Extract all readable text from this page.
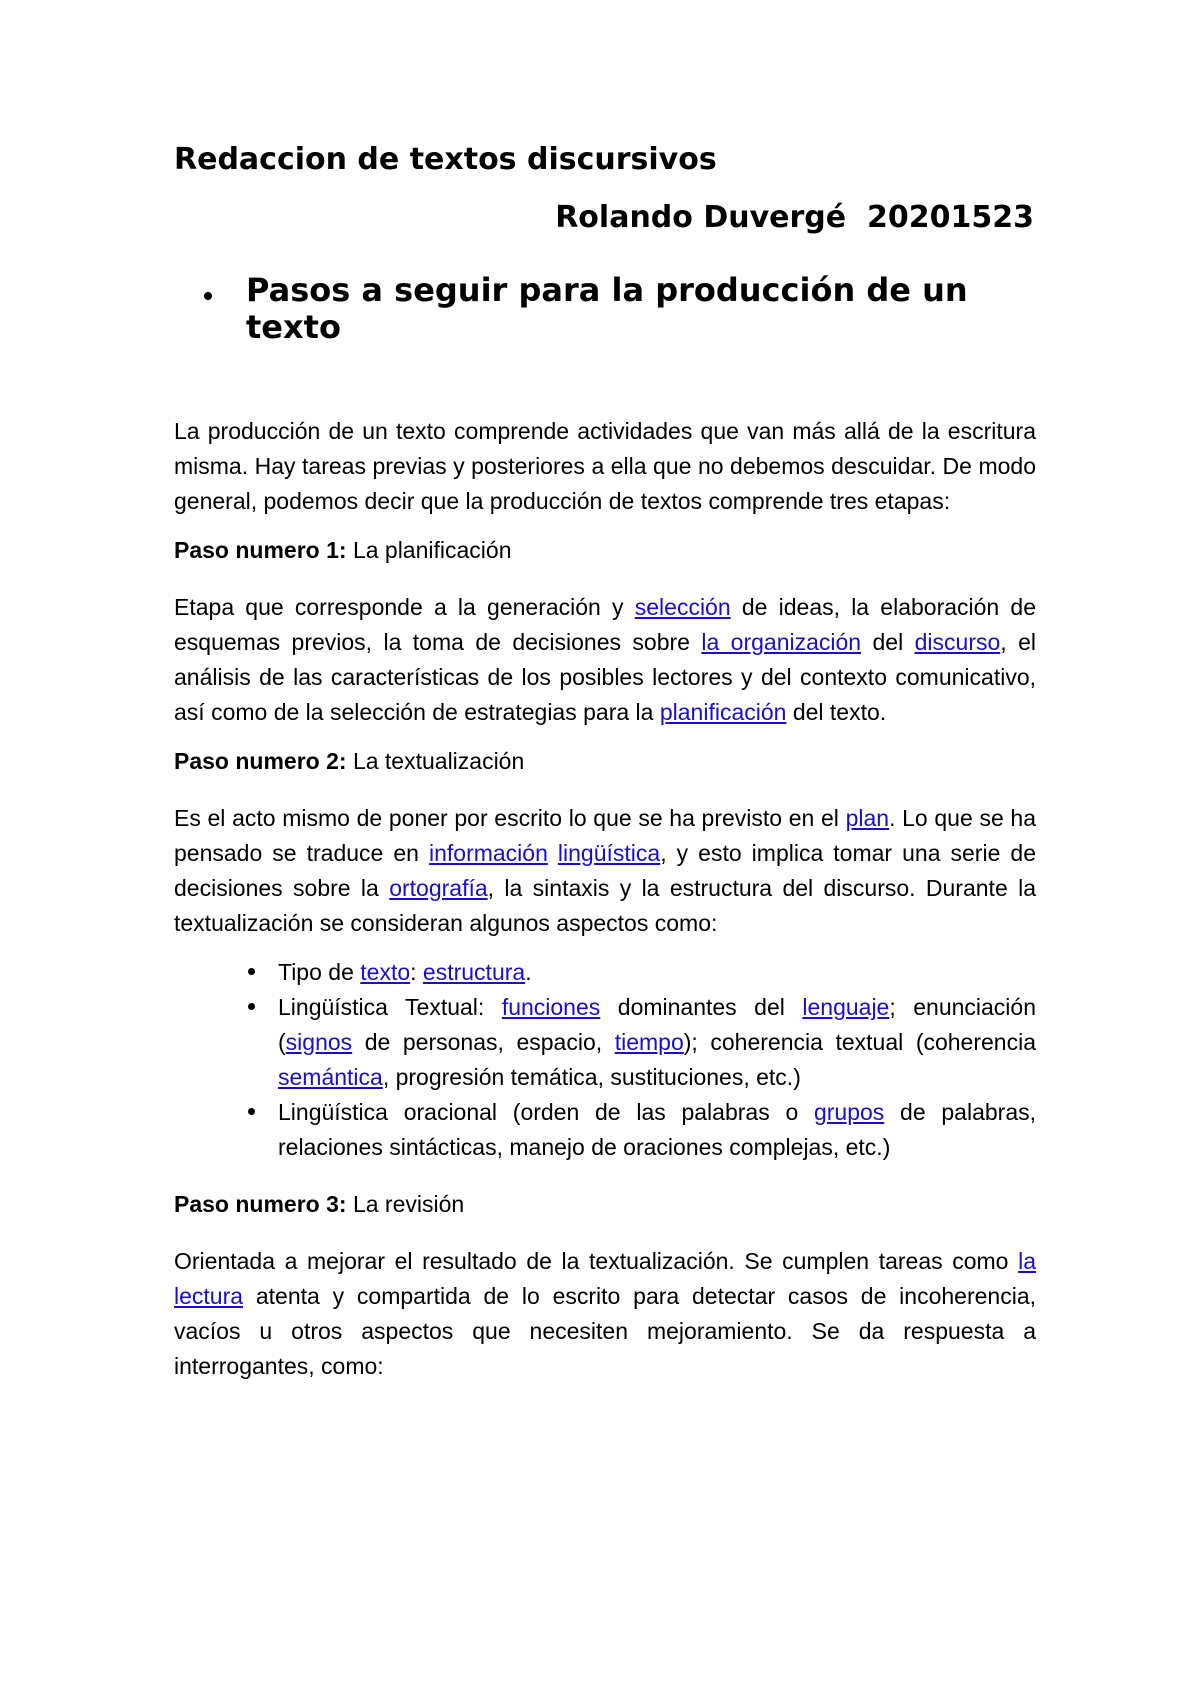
Redaccion de textos discursivos
Rolando Duvergé  20201523
Pasos a seguir para la producción de un texto

La producción de un texto comprende actividades que van más allá de la escritura misma. Hay tareas previas y posteriores a ella que no debemos descuidar. De modo general, podemos decir que la producción de textos comprende tres etapas:

Paso numero 1: La planificación

Etapa que corresponde a la generación y selección de ideas, la elaboración de esquemas previos, la toma de decisiones sobre la organización del discurso, el análisis de las características de los posibles lectores y del contexto comunicativo, así como de la selección de estrategias para la planificación del texto.

Paso numero 2: La textualización

Es el acto mismo de poner por escrito lo que se ha previsto en el plan. Lo que se ha pensado se traduce en información lingüística, y esto implica tomar una serie de decisiones sobre la ortografía, la sintaxis y la estructura del discurso. Durante la textualización se consideran algunos aspectos como:

Tipo de texto: estructura.
Lingüística Textual: funciones dominantes del lenguaje; enunciación (signos de personas, espacio, tiempo); coherencia textual (coherencia semántica, progresión temática, sustituciones, etc.)
Lingüística oracional (orden de las palabras o grupos de palabras, relaciones sintácticas, manejo de oraciones complejas, etc.)

Paso numero 3: La revisión

Orientada a mejorar el resultado de la textualización. Se cumplen tareas como la lectura atenta y compartida de lo escrito para detectar casos de incoherencia, vacíos u otros aspectos que necesiten mejoramiento. Se da respuesta a interrogantes, como:
